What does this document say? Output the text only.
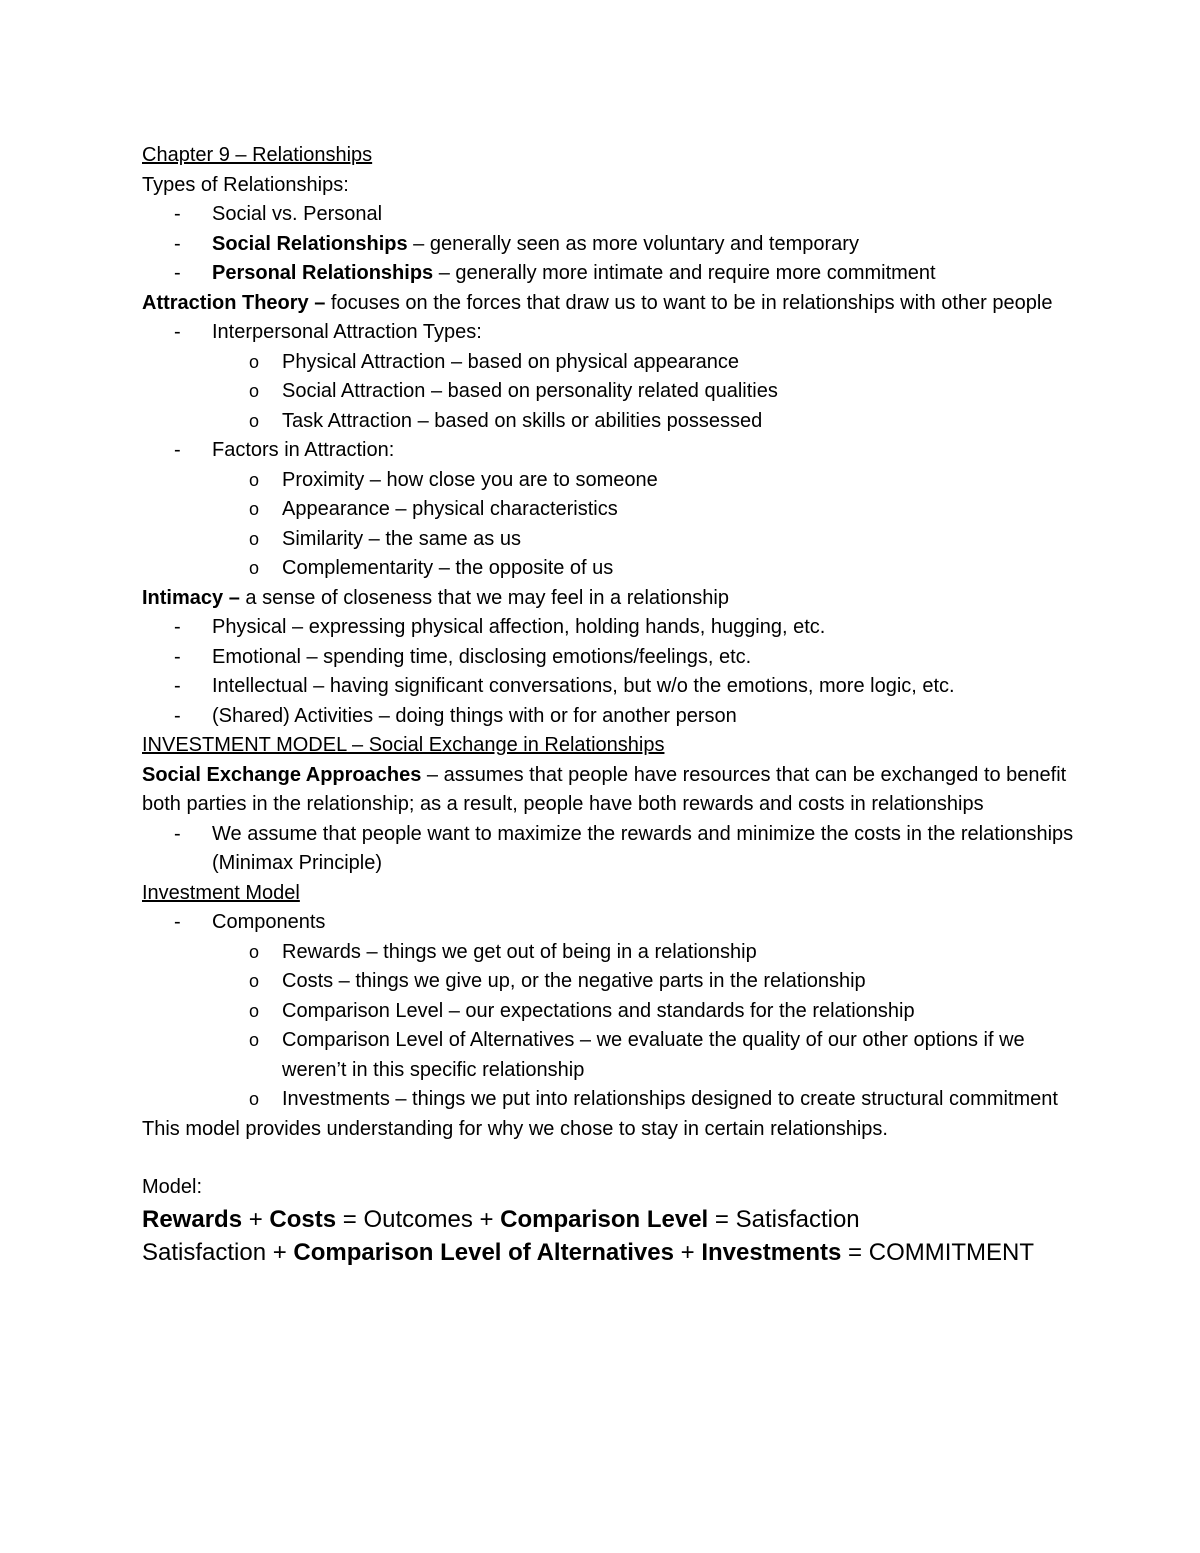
Chapter 9 – Relationships

Types of Relationships:

- Social vs. Personal

- Social Relationships – generally seen as more voluntary and temporary

- Personal Relationships – generally more intimate and require more commitment

Attraction Theory – focuses on the forces that draw us to want to be in relationships with other people

- Interpersonal Attraction Types:

o Physical Attraction – based on physical appearance

o Social Attraction – based on personality related qualities

o Task Attraction – based on skills or abilities possessed

- Factors in Attraction:

o Proximity – how close you are to someone

o Appearance – physical characteristics

o Similarity – the same as us

o Complementarity – the opposite of us

Intimacy – a sense of closeness that we may feel in a relationship

- Physical – expressing physical affection, holding hands, hugging, etc.

- Emotional – spending time, disclosing emotions/feelings, etc.

- Intellectual – having significant conversations, but w/o the emotions, more logic, etc.

- (Shared) Activities – doing things with or for another person

INVESTMENT MODEL – Social Exchange in Relationships

Social Exchange Approaches – assumes that people have resources that can be exchanged to benefit both parties in the relationship; as a result, people have both rewards and costs in relationships

- We assume that people want to maximize the rewards and minimize the costs in the relationships (Minimax Principle)

Investment Model

- Components

o Rewards – things we get out of being in a relationship

o Costs – things we give up, or the negative parts in the relationship

o Comparison Level – our expectations and standards for the relationship

o Comparison Level of Alternatives – we evaluate the quality of our other options if we weren’t in this specific relationship

o Investments – things we put into relationships designed to create structural commitment

This model provides understanding for why we chose to stay in certain relationships.

Model:

Rewards + Costs = Outcomes + Comparison Level = Satisfaction

Satisfaction + Comparison Level of Alternatives + Investments = COMMITMENT
